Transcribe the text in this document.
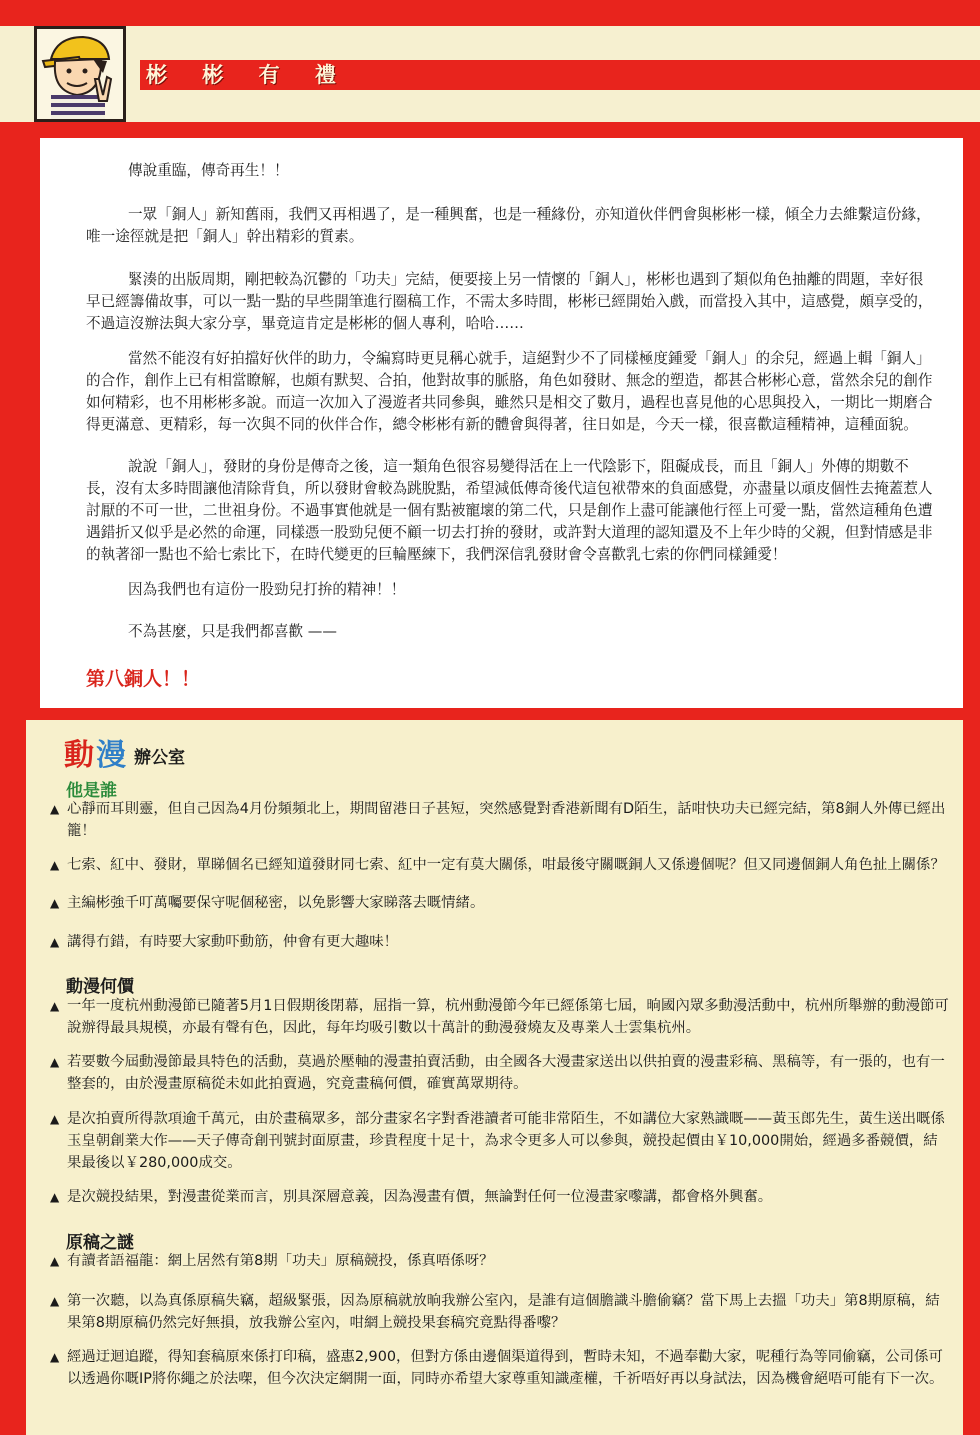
彬 彬 有 禮

傳說重臨，傳奇再生！！

一眾「銅人」新知舊雨，我們又再相遇了，是一種興奮，也是一種緣份，亦知道伙伴們會與彬彬一樣，傾全力去維繫這份緣，唯一途徑就是把「銅人」幹出精彩的質素。

緊湊的出版周期，剛把較為沉鬱的「功夫」完結，便要接上另一情懷的「銅人」，彬彬也遇到了類似角色抽離的問題，幸好很早已經籌備故事，可以一點一點的早些開筆進行圈稿工作，不需太多時間，彬彬已經開始入戲，而當投入其中，這感覺，頗享受的，不過這沒辦法與大家分享，畢竟這肯定是彬彬的個人專利，哈哈……

當然不能沒有好拍擋好伙伴的助力，令編寫時更見稱心就手，這絕對少不了同樣極度鍾愛「銅人」的余兒，經過上輯「銅人」的合作，創作上已有相當瞭解，也頗有默契、合拍，他對故事的脈胳，角色如發財、無念的塑造，都甚合彬彬心意，當然余兒的創作如何精彩，也不用彬彬多說。而這一次加入了漫遊者共同參與，雖然只是相交了數月，過程也喜見他的心思與投入，一期比一期磨合得更滿意、更精彩，每一次與不同的伙伴合作，總令彬彬有新的體會與得著，往日如是，今天一樣，很喜歡這種精神，這種面貌。

說說「銅人」，發財的身份是傳奇之後，這一類角色很容易變得活在上一代陰影下，阻礙成長，而且「銅人」外傳的期數不長，沒有太多時間讓他清除背負，所以發財會較為跳脫點，希望減低傳奇後代這包袱帶來的負面感覺，亦盡量以頑皮個性去掩蓋惹人討厭的不可一世，二世祖身份。不過事實他就是一個有點被寵壞的第二代，只是創作上盡可能讓他行徑上可愛一點，當然這種角色遭遇錯折又似乎是必然的命運，同樣憑一股勁兒便不顧一切去打拚的發財，或許對大道理的認知還及不上年少時的父親，但對情感是非的執著卻一點也不給七索比下，在時代變更的巨輪壓練下，我們深信乳發財會令喜歡乳七索的你們同樣鍾愛！

因為我們也有這份一股勁兒打拚的精神！！

不為甚麼，只是我們都喜歡 ——

第八銅人！！
動 漫 辦公室
他是誰
▲ 心靜而耳則靈，但自己因為4月份頻頻北上，期間留港日子甚短，突然感覺對香港新聞有D陌生，話咁快功夫已經完結，第8銅人外傳已經出籠！
▲ 七索、紅中、發財，單睇個名已經知道發財同七索、紅中一定有莫大關係，咁最後守關嘅銅人又係邊個呢？但又同邊個銅人角色扯上關係？
▲ 主編彬強千叮萬囑要保守呢個秘密，以免影響大家睇落去嘅情緒。
▲ 講得冇錯，有時要大家動吓動筋，仲會有更大趣味！
動漫何價
▲ 一年一度杭州動漫節已隨著5月1日假期後閉幕，屈指一算，杭州動漫節今年已經係第七屆，晌國內眾多動漫活動中，杭州所舉辦的動漫節可說辦得最具規模，亦最有聲有色，因此，每年均吸引數以十萬計的動漫發燒友及專業人士雲集杭州。
▲ 若要數今屆動漫節最具特色的活動，莫過於壓軸的漫畫拍賣活動，由全國各大漫畫家送出以供拍賣的漫畫彩稿、黑稿等，有一張的，也有一整套的，由於漫畫原稿從未如此拍賣過，究竟畫稿何價，確實萬眾期待。
▲ 是次拍賣所得款項逾千萬元，由於畫稿眾多，部分畫家名字對香港讀者可能非常陌生，不如講位大家熟識嘅——黃玉郎先生，黃生送出嘅係玉皇朝創業大作——天子傳奇創刊號封面原畫，珍貴程度十足十，為求令更多人可以參與，競投起價由￥10,000開始，經過多番競價，結果最後以￥280,000成交。
▲ 是次競投結果，對漫畫從業而言，別具深層意義，因為漫畫有價，無論對任何一位漫畫家嚟講，都會格外興奮。
原稿之謎
▲ 有讀者語福龍：網上居然有第8期「功夫」原稿競投，係真唔係呀？
▲ 第一次聽，以為真係原稿失竊，超級緊張，因為原稿就放晌我辦公室內，是誰有這個膽識斗膽偷竊？當下馬上去搵「功夫」第8期原稿，結果第8期原稿仍然完好無損，放我辦公室內，咁網上競投果套稿究竟點得番嚟？
▲ 經過迂迴追蹤，得知套稿原來係打印稿，盛惠2,900，但對方係由邊個渠道得到，暫時未知，不過奉勸大家，呢種行為等同偷竊，公司係可以透過你嘅IP將你繩之於法㗎，但今次決定網開一面，同時亦希望大家尊重知識產權，千祈唔好再以身試法，因為機會絕唔可能有下一次。
